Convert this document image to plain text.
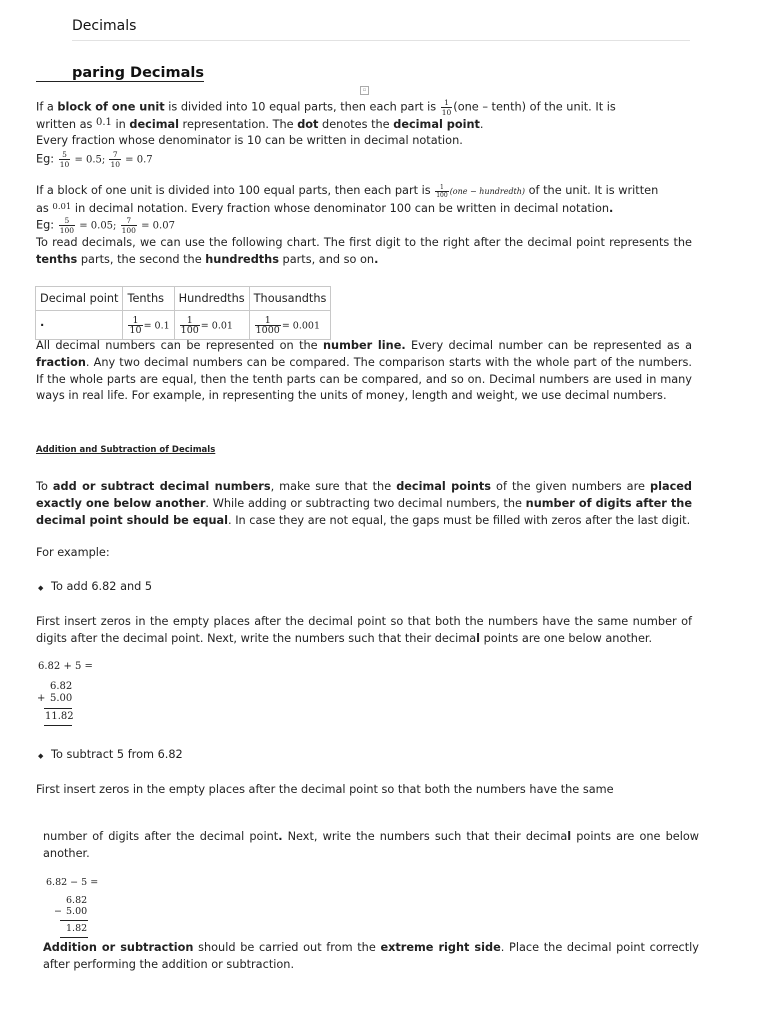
Decimals
paring Decimals
▫
If a block of one unit is divided into 10 equal parts, then each part is $\frac{1}{10} (one$ – tenth) of the unit. It is
written as $^{0.1}$ in decimal representation. The dot denotes the decimal point.
Every fraction whose denominator is 10 can be written in decimal notation.
Eg: $\frac{5}{10} = 0.5$; $\frac{7}{10} = 0.7$
If a block of one unit is divided into 100 equal parts, then each part is $\frac{1}{100} (one$ − hundredth) of the unit. It is written
as $^{0.01}$ in decimal notation. Every fraction whose denominator 100 can be written in decimal notation.
Eg: $\frac{5}{100} = 0.05$; $\frac{7}{100} = 0.07$
To read decimals, we can use the following chart. The first digit to the right after the decimal point represents the tenths parts, the second the hundredths parts, and so on.
Decimal point	Tenths	Hundredths	Thousandths
·	$\frac{1}{10} = 0.1$	$\frac{1}{100} = 0.01$	$\frac{1}{1000} = 0.001$
All decimal numbers can be represented on the number line. Every decimal number can be represented as a fraction. Any two decimal numbers can be compared. The comparison starts with the whole part of the numbers. If the whole parts are equal, then the tenth parts can be compared, and so on. Decimal numbers are used in many ways in real life. For example, in representing the units of money, length and weight, we use decimal numbers.
Addition and Subtraction of Decimals
To add or subtract decimal numbers, make sure that the decimal points of the given numbers are placed exactly one below another. While adding or subtracting two decimal numbers, the number of digits after the decimal point should be equal. In case they are not equal, the gaps must be filled with zeros after the last digit.
For example:
◆ To add 6.82 and 5
First insert zeros in the empty places after the decimal point so that both the numbers have the same number of digits after the decimal point. Next, write the numbers such that their decimal points are one below another.
6.82 + 5 =
6.82
+ 5.00
11.82
◆ To subtract 5 from 6.82
First insert zeros in the empty places after the decimal point so that both the numbers have the same
number of digits after the decimal point. Next, write the numbers such that their decimal points are one below another.
6.82 − 5 =
6.82
− 5.00
1.82
Addition or subtraction should be carried out from the extreme right side. Place the decimal point correctly after performing the addition or subtraction.
